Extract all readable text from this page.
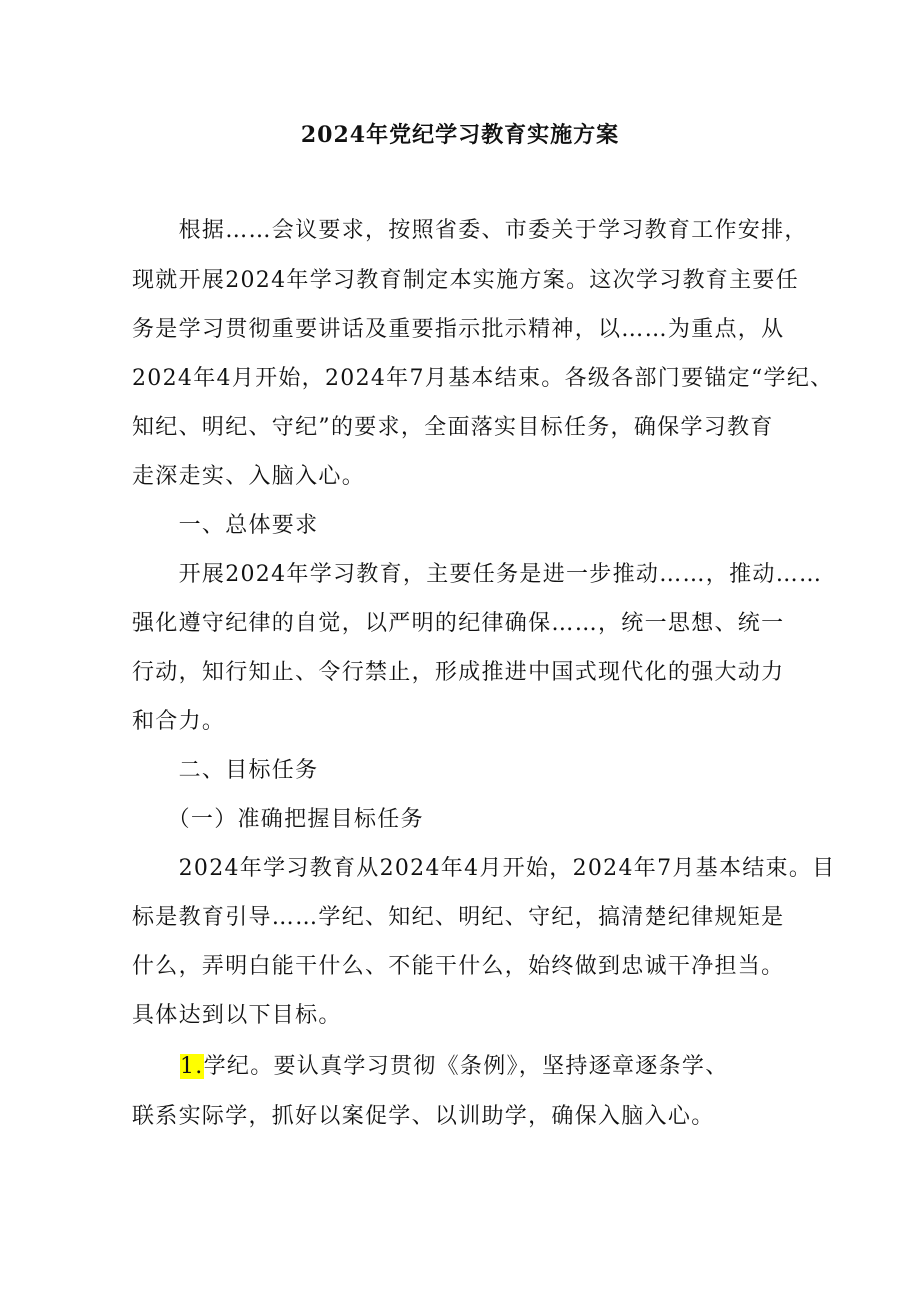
2024年党纪学习教育实施方案
　　根据……会议要求，按照省委、市委关于学习教育工作安排，
现就开展2024年学习教育制定本实施方案。这次学习教育主要任
务是学习贯彻重要讲话及重要指示批示精神，以……为重点，从
2024年4月开始，2024年7月基本结束。各级各部门要锚定“学纪、
知纪、明纪、守纪”的要求，全面落实目标任务，确保学习教育
走深走实、入脑入心。
　　一、总体要求
　　开展2024年学习教育，主要任务是进一步推动……，推动……
强化遵守纪律的自觉，以严明的纪律确保……，统一思想、统一
行动，知行知止、令行禁止，形成推进中国式现代化的强大动力
和合力。
　　二、目标任务
　　（一）准确把握目标任务
　　2024年学习教育从2024年4月开始，2024年7月基本结束。目
标是教育引导……学纪、知纪、明纪、守纪，搞清楚纪律规矩是
什么，弄明白能干什么、不能干什么，始终做到忠诚干净担当。
具体达到以下目标。
1.学纪。要认真学习贯彻《条例》，坚持逐章逐条学、
联系实际学，抓好以案促学、以训助学，确保入脑入心。
